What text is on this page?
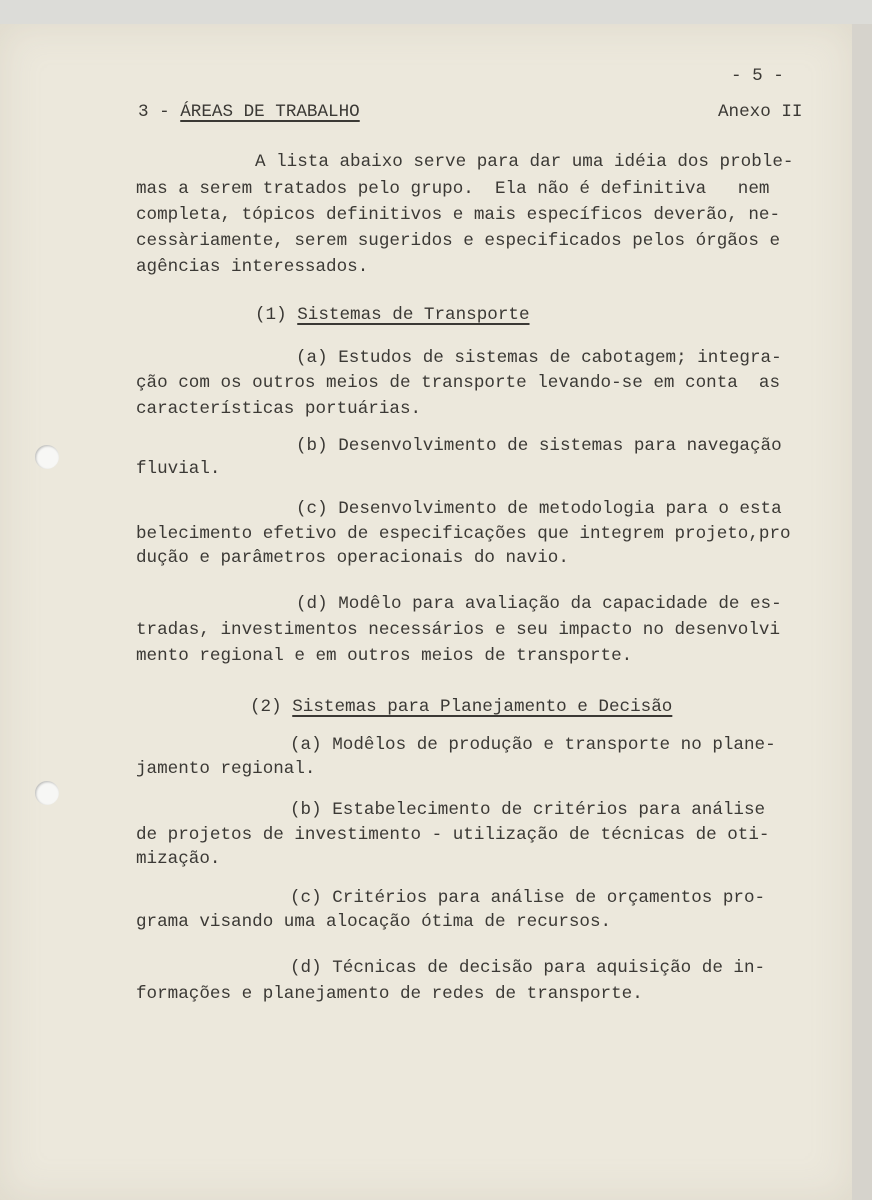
- 5 -
3 - ÁREAS DE TRABALHO	Anexo II
A lista abaixo serve para dar uma idéia dos proble-
mas a serem tratados pelo grupo.  Ela não é definitiva   nem
completa, tópicos definitivos e mais específicos deverão, ne-
cessàriamente, serem sugeridos e especificados pelos órgãos e
agências interessados.
(1) Sistemas de Transporte
(a) Estudos de sistemas de cabotagem; integra-
ção com os outros meios de transporte levando-se em conta  as
características portuárias.
(b) Desenvolvimento de sistemas para navegação
fluvial.
(c) Desenvolvimento de metodologia para o esta
belecimento efetivo de especificações que integrem projeto,pro
dução e parâmetros operacionais do navio.
(d) Modêlo para avaliação da capacidade de es-
tradas, investimentos necessários e seu impacto no desenvolvi
mento regional e em outros meios de transporte.
(2) Sistemas para Planejamento e Decisão
(a) Modêlos de produção e transporte no plane-
jamento regional.
(b) Estabelecimento de critérios para análise
de projetos de investimento - utilização de técnicas de oti-
mização.
(c) Critérios para análise de orçamentos pro-
grama visando uma alocação ótima de recursos.
(d) Técnicas de decisão para aquisição de in-
formações e planejamento de redes de transporte.
